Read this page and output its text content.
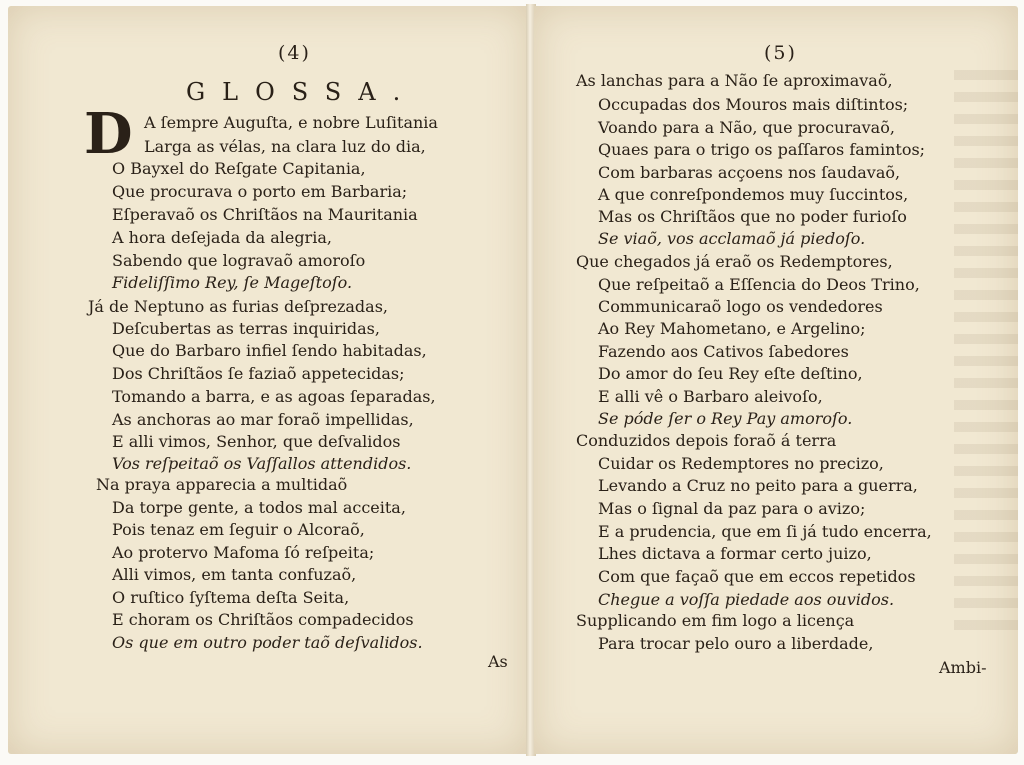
(4)
GLOSSA.
D A ſempre Auguſta, e nobre Luſitania
Larga as vélas, na clara luz do dia,
O Bayxel do Reſgate Capitania,
Que procurava o porto em Barbaria;
Eſperavaõ os Chriſtãos na Mauritania
A hora deſejada da alegria,
Sabendo que logravaõ amoroſo
Fideliſſimo Rey, ſe Mageſtoſo.
Já de Neptuno as furias deſprezadas,
Deſcubertas as terras inquiridas,
Que do Barbaro infiel ſendo habitadas,
Dos Chriſtãos ſe faziaõ appetecidas;
Tomando a barra, e as agoas ſeparadas,
As anchoras ao mar foraõ impellidas,
E alli vimos, Senhor, que deſvalidos
Vos reſpeitaõ os Vaſſallos attendidos.
Na praya apparecia a multidaõ
Da torpe gente, a todos mal acceita,
Pois tenaz em ſeguir o Alcoraõ,
Ao protervo Mafoma ſó reſpeita;
Alli vimos, em tanta confuzaõ,
O ruſtico ſyſtema deſta Seita,
E choram os Chriſtãos compadecidos
Os que em outro poder taõ deſvalidos.
As
(5)
As lanchas para a Não ſe aproximavaõ,
Occupadas dos Mouros mais diſtintos;
Voando para a Não, que procuravaõ,
Quaes para o trigo os paſſaros famintos;
Com barbaras acçoens nos ſaudavaõ,
A que conreſpondemos muy ſuccintos,
Mas os Chriſtãos que no poder furioſo
Se viaõ, vos acclamaõ já piedoſo.
Que chegados já eraõ os Redemptores,
Que reſpeitaõ a Eſſencia do Deos Trino,
Communicaraõ logo os vendedores
Ao Rey Mahometano, e Argelino;
Fazendo aos Cativos ſabedores
Do amor do ſeu Rey eſte deſtino,
E alli vê o Barbaro aleivoſo,
Se póde ſer o Rey Pay amoroſo.
Conduzidos depois foraõ á terra
Cuidar os Redemptores no precizo,
Levando a Cruz no peito para a guerra,
Mas o ſignal da paz para o avizo;
E a prudencia, que em ſi já tudo encerra,
Lhes dictava a formar certo juizo,
Com que façaõ que em eccos repetidos
Chegue a voſſa piedade aos ouvidos.
Supplicando em fim logo a licença
Para trocar pelo ouro a liberdade,
Ambi-
